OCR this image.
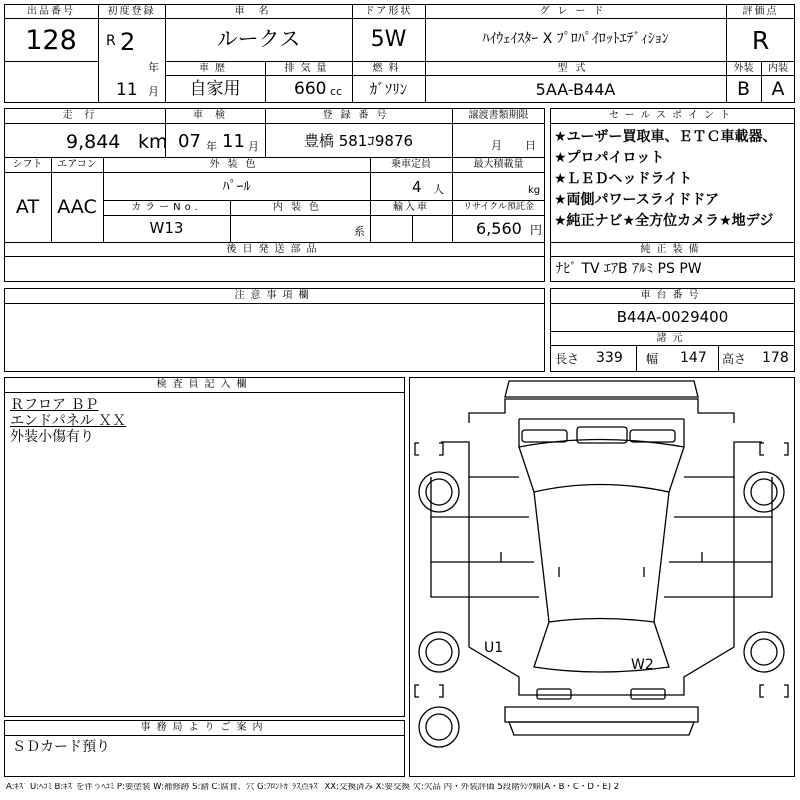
出品番号
128
初度登録
R 2
年
11 月
車名
ルークス
ドア形状
5W
グレード
ﾊｲｳｪｲｽﾀｰ X ﾌﾟﾛﾊﾟｲﾛｯﾄｴﾃﾞｨｼｮﾝ
評価点
R
車歴
自家用
排気量
660 cc
燃料
ｶﾞｿﾘﾝ
型式
5AA-B44A
外装
B
内装
A
走行
9,844 km
車検
07 年 11 月
登録番号
豊橋 581ｺ9876
譲渡書類期限
月 日
シフト
AT
エアコン
AAC
外装色
ﾊﾟｰﾙ
乗車定員
4 人
最大積載量
kg
カラーNo.
W13
内装色
系
輸入車	リサイクル預託金
6,560 円
後日発送部品
セールスポイント
★ユーザー買取車、ＥＴＣ車載器、
★プロパイロット
★ＬＥＤヘッドライト
★両側パワースライドドア
★純正ナビ★全方位カメラ★地デジ
純正装備
ﾅﾋﾞ TV ｴｱB ｱﾙﾐ PS PW
注意事項欄	車台番号
B44A-0029400
諸元
長さ 339 幅 147 高さ 178
検査員記入欄
Ｒフロア ＢＰ
エンドパネル ＸＸ
外装小傷有り
事務局よりご案内
ＳＤカード預り
U1
W2
A:ｷｽﾞ U:ﾍｺﾐ B:ｷｽﾞを伴うﾍｺﾐ P:要塗装 W:補修跡 S:錆 C:腐食、穴 G:ﾌﾛﾝﾄｶﾞﾗｽ点ｷｽﾞ XX:交換済み X:要交換 欠:欠品 内・外装評価 5段階ﾗﾝｸ順(A・B・C・D・E) 2
